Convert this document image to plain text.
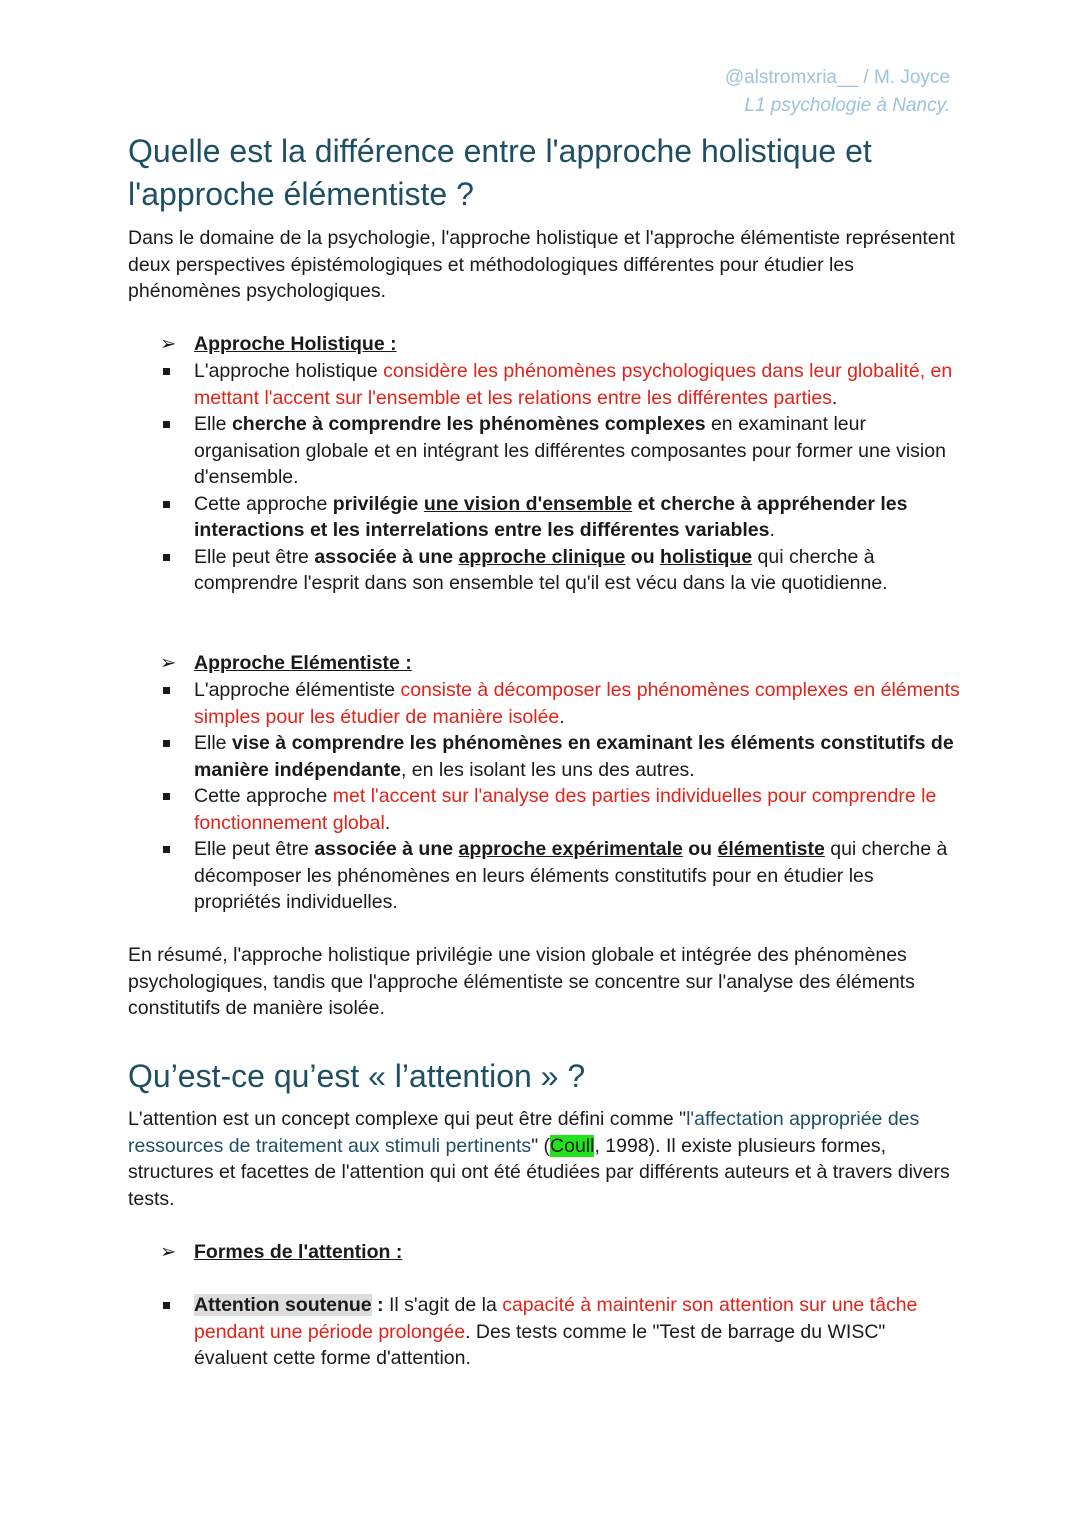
@alstromxria__ / M. Joyce
L1 psychologie à Nancy.
Quelle est la différence entre l'approche holistique et
l'approche élémentiste ?

Dans le domaine de la psychologie, l'approche holistique et l'approche élémentiste représentent deux perspectives épistémologiques et méthodologiques différentes pour étudier les phénomènes psychologiques.

➢ Approche Holistique :
L'approche holistique considère les phénomènes psychologiques dans leur globalité, en mettant l'accent sur l'ensemble et les relations entre les différentes parties.
Elle cherche à comprendre les phénomènes complexes en examinant leur organisation globale et en intégrant les différentes composantes pour former une vision d'ensemble.
Cette approche privilégie une vision d'ensemble et cherche à appréhender les interactions et les interrelations entre les différentes variables.
Elle peut être associée à une approche clinique ou holistique qui cherche à comprendre l'esprit dans son ensemble tel qu'il est vécu dans la vie quotidienne.
➢ Approche Elémentiste :
L'approche élémentiste consiste à décomposer les phénomènes complexes en éléments simples pour les étudier de manière isolée.
Elle vise à comprendre les phénomènes en examinant les éléments constitutifs de manière indépendante, en les isolant les uns des autres.
Cette approche met l'accent sur l'analyse des parties individuelles pour comprendre le fonctionnement global.
Elle peut être associée à une approche expérimentale ou élémentiste qui cherche à décomposer les phénomènes en leurs éléments constitutifs pour en étudier les propriétés individuelles.

En résumé, l'approche holistique privilégie une vision globale et intégrée des phénomènes psychologiques, tandis que l'approche élémentiste se concentre sur l'analyse des éléments constitutifs de manière isolée.

Qu’est-ce qu’est « l’attention » ?

L'attention est un concept complexe qui peut être défini comme "l'affectation appropriée des ressources de traitement aux stimuli pertinents" (Coull, 1998). Il existe plusieurs formes, structures et facettes de l'attention qui ont été étudiées par différents auteurs et à travers divers tests.

➢ Formes de l'attention :
Attention soutenue : Il s'agit de la capacité à maintenir son attention sur une tâche pendant une période prolongée. Des tests comme le "Test de barrage du WISC" évaluent cette forme d'attention.
